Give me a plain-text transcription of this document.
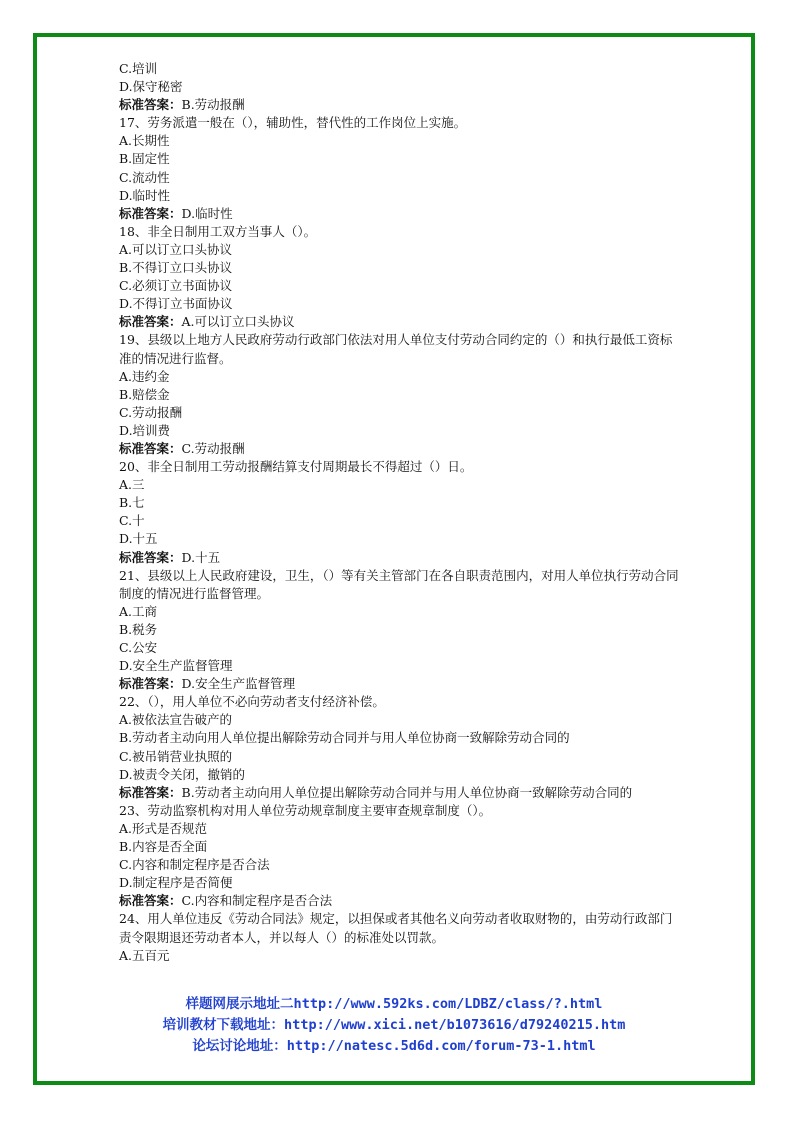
C.培训
D.保守秘密
标准答案：B.劳动报酬
17、劳务派遣一般在（），辅助性，替代性的工作岗位上实施。
A.长期性
B.固定性
C.流动性
D.临时性
标准答案：D.临时性
18、非全日制用工双方当事人（）。
A.可以订立口头协议
B.不得订立口头协议
C.必须订立书面协议
D.不得订立书面协议
标准答案：A.可以订立口头协议
19、县级以上地方人民政府劳动行政部门依法对用人单位支付劳动合同约定的（）和执行最低工资标准的情况进行监督。
A.违约金
B.赔偿金
C.劳动报酬
D.培训费
标准答案：C.劳动报酬
20、非全日制用工劳动报酬结算支付周期最长不得超过（）日。
A.三
B.七
C.十
D.十五
标准答案：D.十五
21、县级以上人民政府建设，卫生，（）等有关主管部门在各自职责范围内，对用人单位执行劳动合同制度的情况进行监督管理。
A.工商
B.税务
C.公安
D.安全生产监督管理
标准答案：D.安全生产监督管理
22、（），用人单位不必向劳动者支付经济补偿。
A.被依法宣告破产的
B.劳动者主动向用人单位提出解除劳动合同并与用人单位协商一致解除劳动合同的
C.被吊销营业执照的
D.被责令关闭，撤销的
标准答案：B.劳动者主动向用人单位提出解除劳动合同并与用人单位协商一致解除劳动合同的
23、劳动监察机构对用人单位劳动规章制度主要审查规章制度（）。
A.形式是否规范
B.内容是否全面
C.内容和制定程序是否合法
D.制定程序是否简便
标准答案：C.内容和制定程序是否合法
24、用人单位违反《劳动合同法》规定，以担保或者其他名义向劳动者收取财物的，由劳动行政部门责令限期退还劳动者本人，并以每人（）的标准处以罚款。
A.五百元
样题网展示地址二http://www.592ks.com/LDBZ/class/?.html
培训教材下载地址：http://www.xici.net/b1073616/d79240215.htm
论坛讨论地址：http://natesc.5d6d.com/forum-73-1.html
